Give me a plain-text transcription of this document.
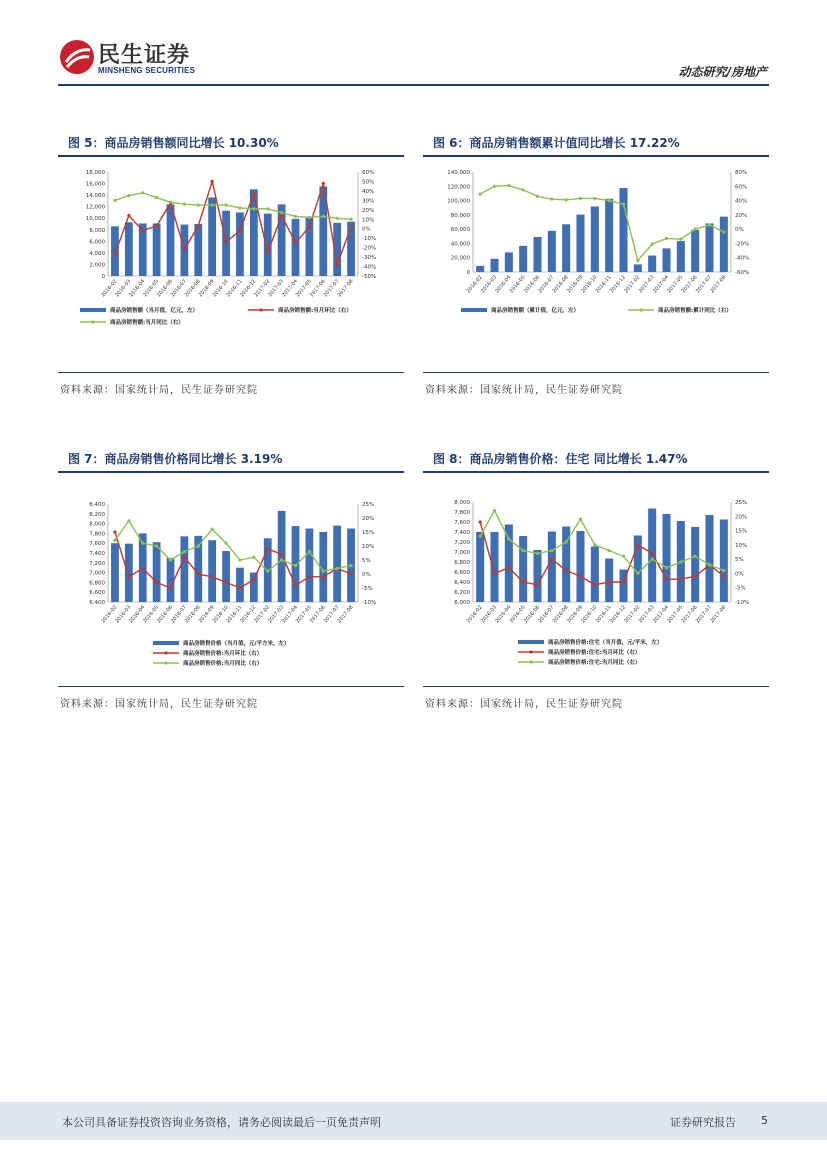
民生证券
MINSHENG SECURITIES	动态研究/房地产
图 5：商品房销售额同比增长 10.30%
0
2,000
4,000
6,000
8,000
10,000
12,000
14,000
16,000
18,000
-50%
-40%
-30%
-20%
-10%
0%
10%
20%
30%
40%
50%
60%
2016-02
2016-03
2016-04
2016-05
2016-06
2016-07
2016-08
2016-09
2016-10
2016-11
2016-12
2017-02
2017-03
2017-04
2017-05
2017-06
2017-07
2017-08
商品房销售额（当月值，亿元，左）	商品房销售额:当月环比（右）
商品房销售额:当月同比（右）
资料来源：国家统计局，民生证券研究院
图 6：商品房销售额累计值同比增长 17.22%
0
20,000
40,000
60,000
80,000
100,000
120,000
140,000
-60%
-40%
-20%
0%
20%
40%
60%
80%
2016-02
2016-03
2016-04
2016-05
2016-06
2016-07
2016-08
2016-09
2016-10
2016-11
2016-12
2017-02
2017-03
2017-04
2017-05
2017-06
2017-07
2017-08
商品房销售额（累计值，亿元，左）	商品房销售额:累计同比（右）
资料来源：国家统计局，民生证券研究院
图 7：商品房销售价格同比增长 3.19%
6,400
6,600
6,800
7,000
7,200
7,400
7,600
7,800
8,000
8,200
8,400
-10%
-5%
0%
5%
10%
15%
20%
25%
2016-02
2016-03
2016-04
2016-05
2016-06
2016-07
2016-08
2016-09
2016-10
2016-11
2016-12
2017-02
2017-03
2017-04
2017-05
2017-06
2017-07
2017-08
商品房销售价格（当月值，元/平方米，左）
商品房销售价格:当月环比（右）
商品房销售价格:当月同比（右）
资料来源：国家统计局，民生证券研究院
图 8：商品房销售价格：住宅 同比增长 1.47%
6,000
6,200
6,400
6,600
6,800
7,000
7,200
7,400
7,600
7,800
8,000
-10%
-5%
0%
5%
10%
15%
20%
25%
2016-02
2016-03
2016-04
2016-05
2016-06
2016-07
2016-08
2016-09
2016-10
2016-11
2016-12
2017-02
2017-03
2017-04
2017-05
2017-06
2017-07
2017-08
商品房销售价格:住宅（当月值，元/平米，左）
商品房销售价格:住宅:当月环比（右）
商品房销售价格:住宅:当月同比（右）
资料来源：国家统计局，民生证券研究院
本公司具备证券投资咨询业务资格，请务必阅读最后一页免责声明	证券研究报告 5
